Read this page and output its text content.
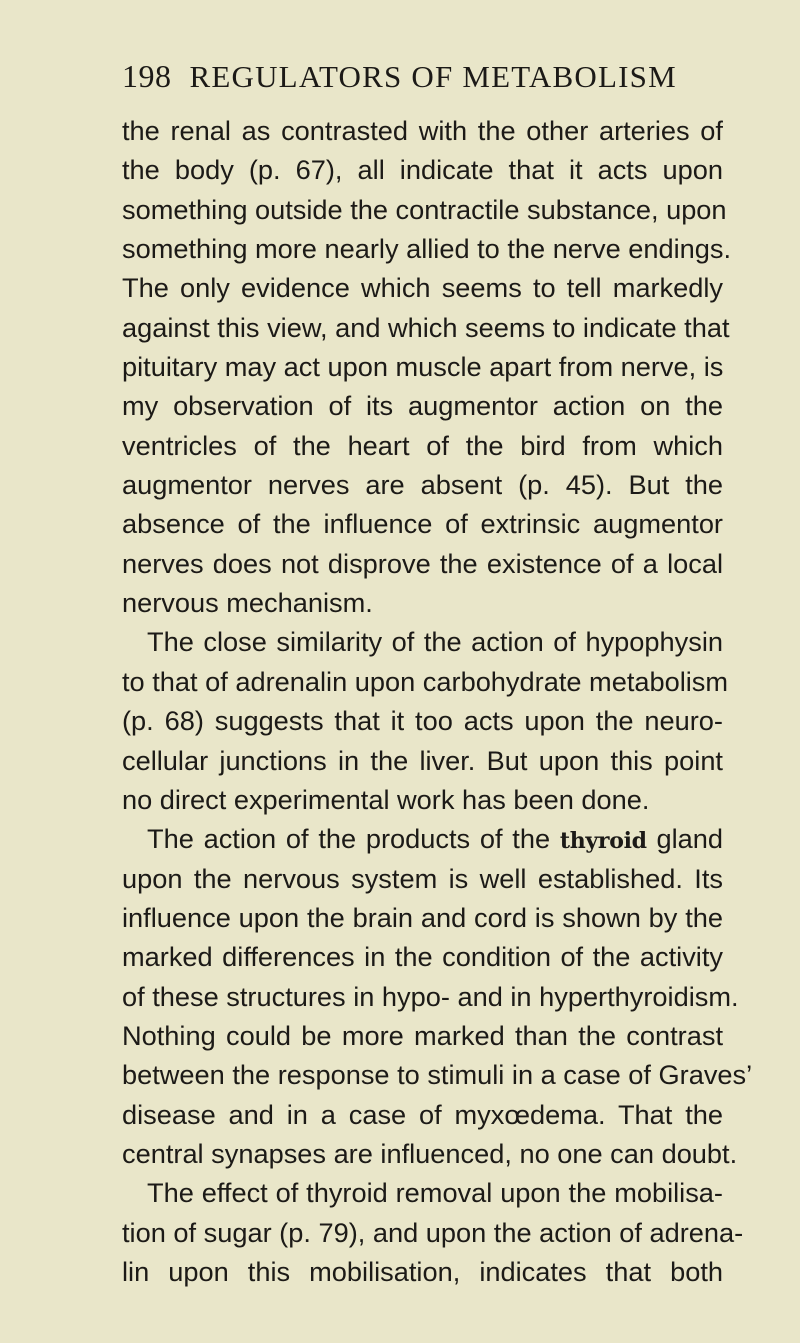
198 REGULATORS OF METABOLISM
the renal as contrasted with the other arteries of
the body (p. 67), all indicate that it acts upon
something outside the contractile substance, upon
something more nearly allied to the nerve endings.
The only evidence which seems to tell markedly
against this view, and which seems to indicate that
pituitary may act upon muscle apart from nerve, is
my observation of its augmentor action on the
ventricles of the heart of the bird from which
augmentor nerves are absent (p. 45). But the
absence of the influence of extrinsic augmentor
nerves does not disprove the existence of a local
nervous mechanism.
The close similarity of the action of hypophysin
to that of adrenalin upon carbohydrate metabolism
(p. 68) suggests that it too acts upon the neuro-
cellular junctions in the liver. But upon this point
no direct experimental work has been done.
The action of the products of the thyroid gland
upon the nervous system is well established. Its
influence upon the brain and cord is shown by the
marked differences in the condition of the activity
of these structures in hypo- and in hyperthyroidism.
Nothing could be more marked than the contrast
between the response to stimuli in a case of Graves’
disease and in a case of myxœdema. That the
central synapses are influenced, no one can doubt.
The effect of thyroid removal upon the mobilisa-
tion of sugar (p. 79), and upon the action of adrena-
lin upon this mobilisation, indicates that both
